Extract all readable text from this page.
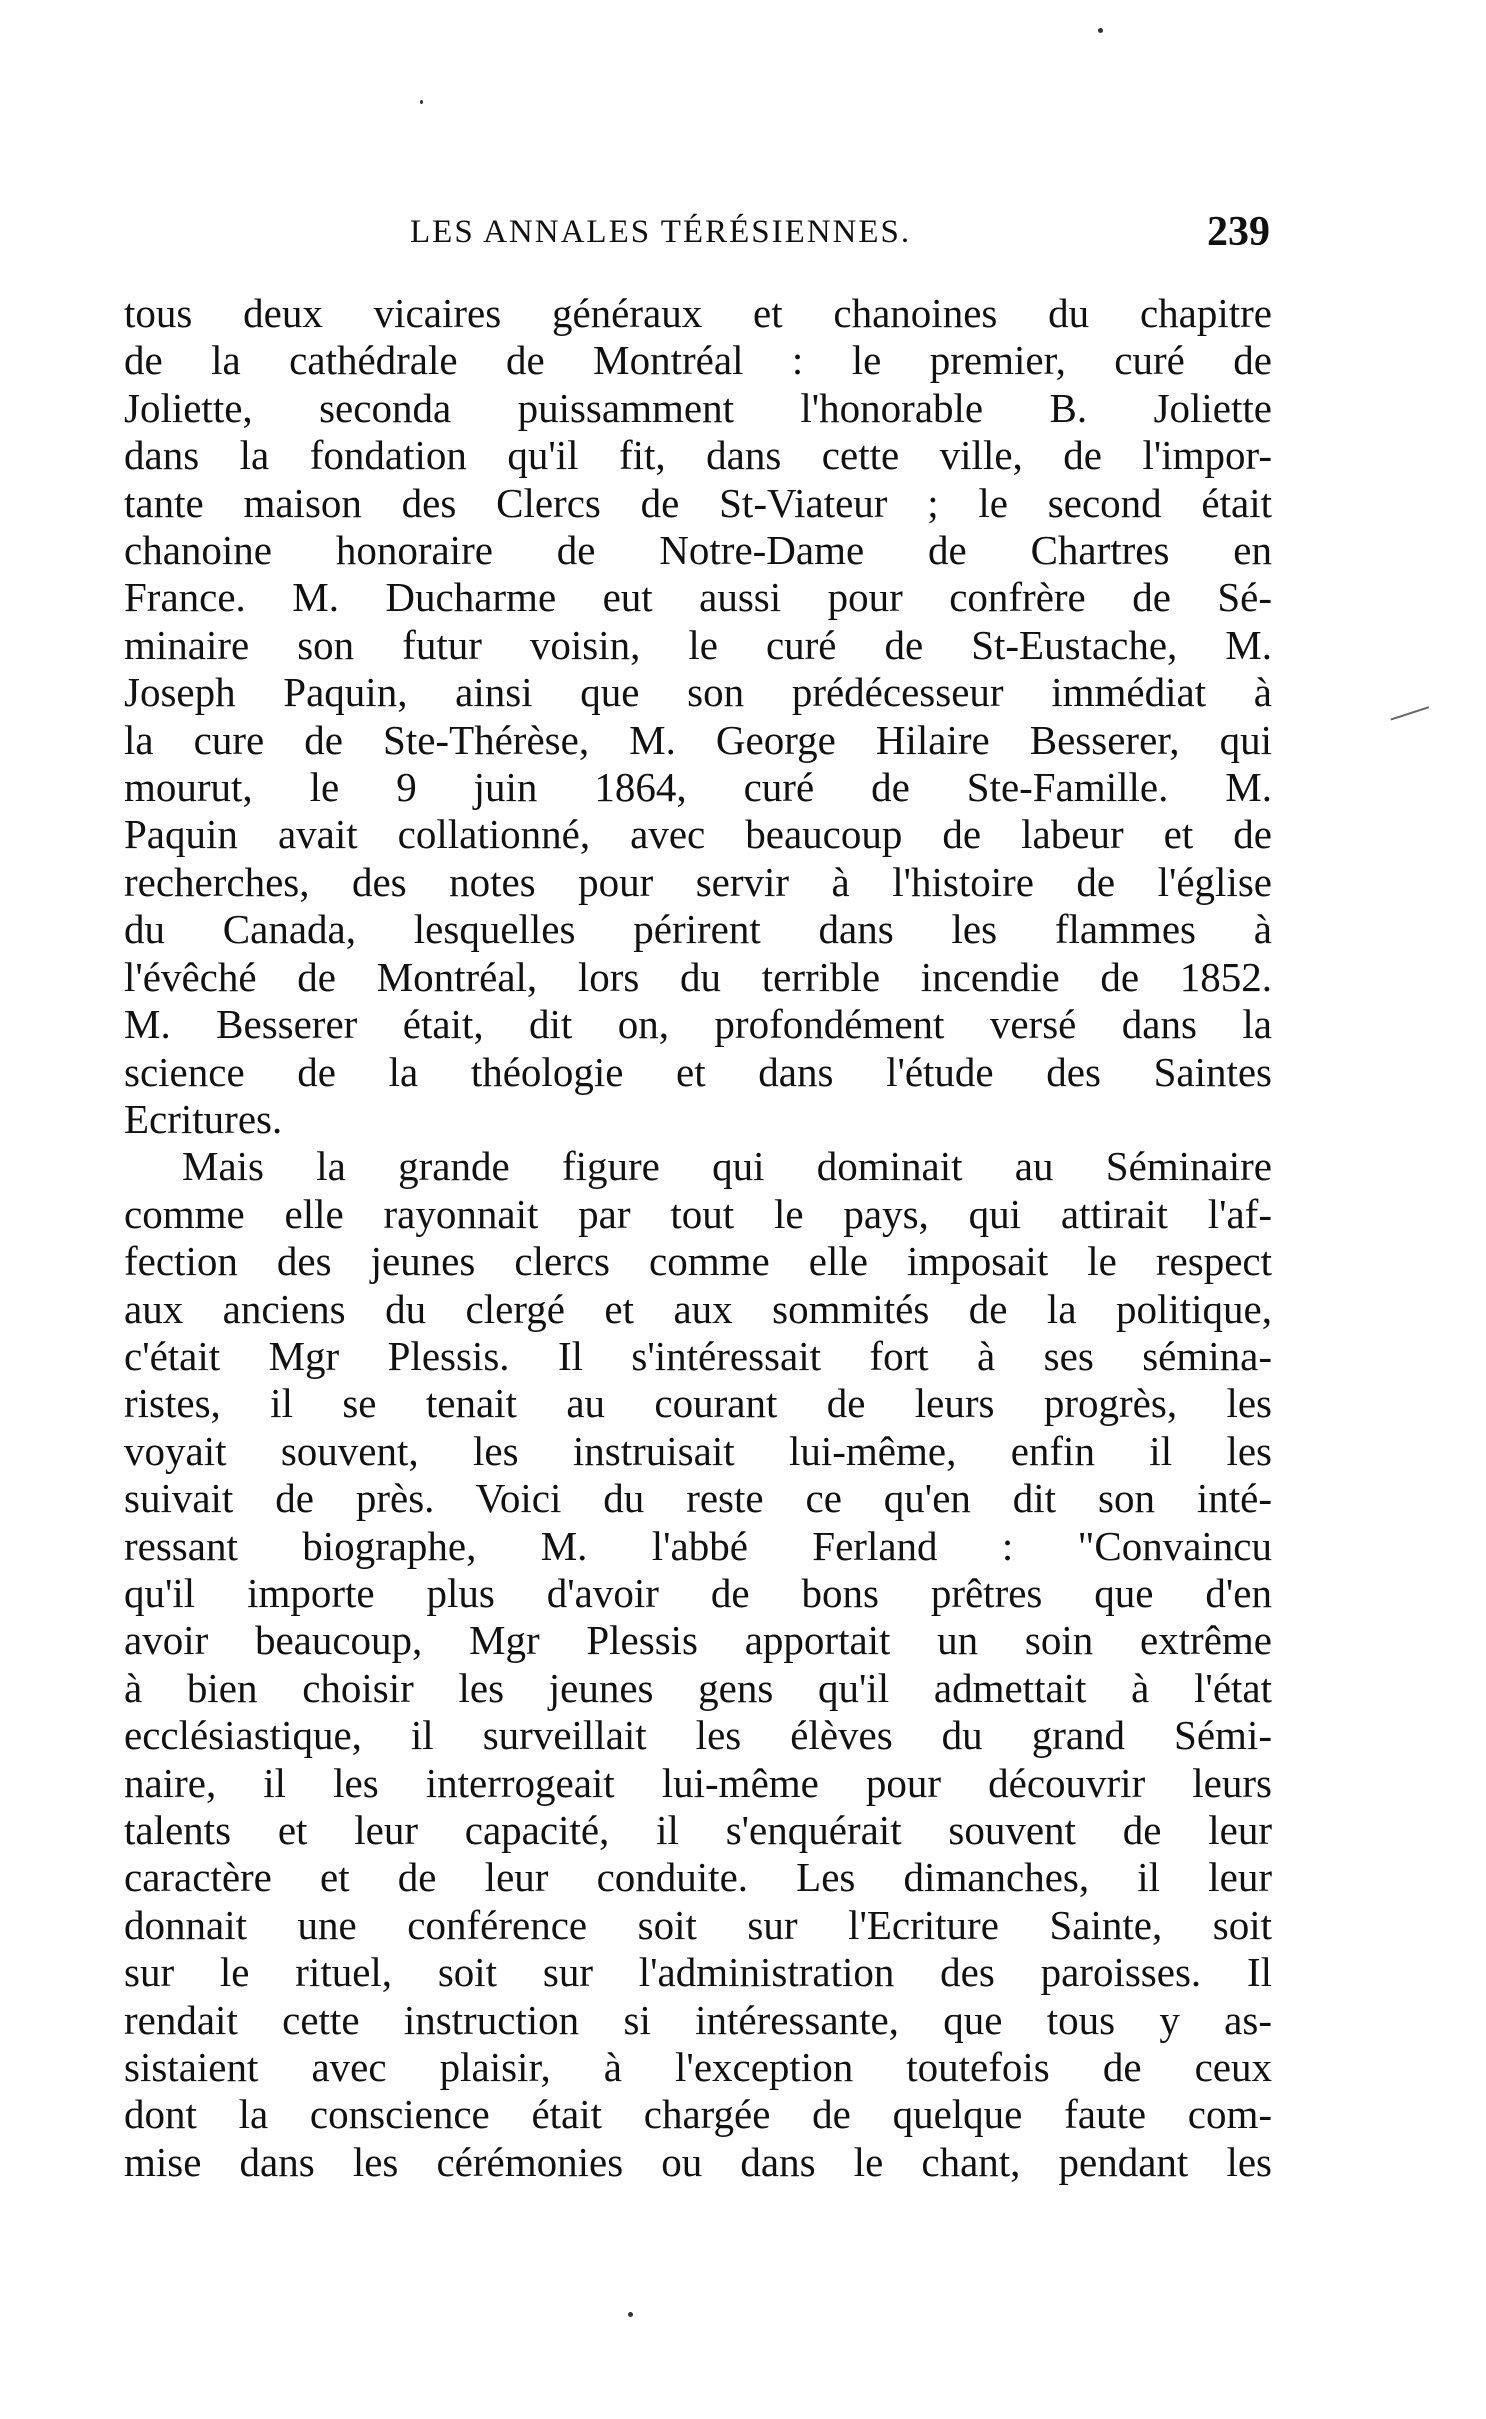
LES ANNALES TÉRÉSIENNES.	239
tous deux vicaires généraux et chanoines du chapitre
de la cathédrale de Montréal : le premier, curé de
Joliette, seconda puissamment l'honorable B. Joliette
dans la fondation qu'il fit, dans cette ville, de l'impor-
tante maison des Clercs de St-Viateur ; le second était
chanoine honoraire de Notre-Dame de Chartres en
France. M. Ducharme eut aussi pour confrère de Sé-
minaire son futur voisin, le curé de St-Eustache, M.
Joseph Paquin, ainsi que son prédécesseur immédiat à
la cure de Ste-Thérèse, M. George Hilaire Besserer, qui
mourut, le 9 juin 1864, curé de Ste-Famille. M.
Paquin avait collationné, avec beaucoup de labeur et de
recherches, des notes pour servir à l'histoire de l'église
du Canada, lesquelles périrent dans les flammes à
l'évêché de Montréal, lors du terrible incendie de 1852.
M. Besserer était, dit on, profondément versé dans la
science de la théologie et dans l'étude des Saintes
Ecritures.
Mais la grande figure qui dominait au Séminaire
comme elle rayonnait par tout le pays, qui attirait l'af-
fection des jeunes clercs comme elle imposait le respect
aux anciens du clergé et aux sommités de la politique,
c'était Mgr Plessis. Il s'intéressait fort à ses sémina-
ristes, il se tenait au courant de leurs progrès, les
voyait souvent, les instruisait lui-même, enfin il les
suivait de près. Voici du reste ce qu'en dit son inté-
ressant biographe, M. l'abbé Ferland : "Convaincu
qu'il importe plus d'avoir de bons prêtres que d'en
avoir beaucoup, Mgr Plessis apportait un soin extrême
à bien choisir les jeunes gens qu'il admettait à l'état
ecclésiastique, il surveillait les élèves du grand Sémi-
naire, il les interrogeait lui-même pour découvrir leurs
talents et leur capacité, il s'enquérait souvent de leur
caractère et de leur conduite. Les dimanches, il leur
donnait une conférence soit sur l'Ecriture Sainte, soit
sur le rituel, soit sur l'administration des paroisses. Il
rendait cette instruction si intéressante, que tous y as-
sistaient avec plaisir, à l'exception toutefois de ceux
dont la conscience était chargée de quelque faute com-
mise dans les cérémonies ou dans le chant, pendant les
